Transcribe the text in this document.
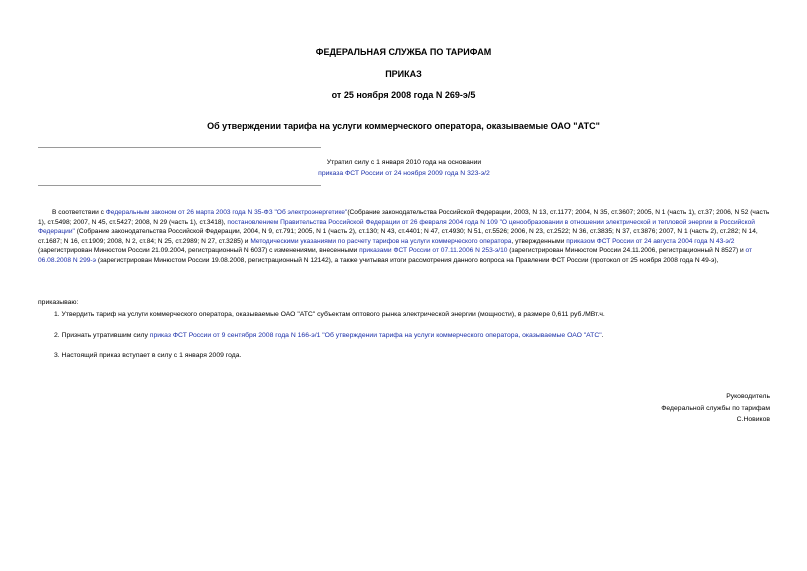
ФЕДЕРАЛЬНАЯ СЛУЖБА ПО ТАРИФАМ
ПРИКАЗ
от 25 ноября 2008 года N 269-э/5
Об утверждении тарифа на услуги коммерческого оператора, оказываемые ОАО "АТС"
Утратил силу с 1 января 2010 года на основании
приказа ФСТ России от 24 ноября 2009 года N 323-э/2
В соответствии с Федеральным законом от 26 марта 2003 года N 35-ФЗ "Об электроэнергетике"(Собрание законодательства Российской Федерации, 2003, N 13, ст.1177; 2004, N 35, ст.3607; 2005, N 1 (часть 1), ст.37; 2006, N 52 (часть 1), ст.5498; 2007, N 45, ст.5427; 2008, N 29 (часть 1), ст.3418), постановлением Правительства Российской Федерации от 26 февраля 2004 года N 109 "О ценообразовании в отношении электрической и тепловой энергии в Российской Федерации" (Собрание законодательства Российской Федерации, 2004, N 9, ст.791; 2005, N 1 (часть 2), ст.130; N 43, ст.4401; N 47, ст.4930; N 51, ст.5526; 2006, N 23, ст.2522; N 36, ст.3835; N 37, ст.3876; 2007, N 1 (часть 2), ст.282; N 14, ст.1687; N 16, ст.1909; 2008, N 2, ст.84; N 25, ст.2989; N 27, ст.3285) и Методическими указаниями по расчету тарифов на услуги коммерческого оператора, утвержденными приказом ФСТ России от 24 августа 2004 года N 43-э/2 (зарегистрирован Минюстом России 21.09.2004, регистрационный N 6037) с изменениями, внесенными приказами ФСТ России от 07.11.2006 N 253-э/10 (зарегистрирован Минюстом России 24.11.2006, регистрационный N 8527) и от 06.08.2008 N 299-э (зарегистрирован Минюстом России 19.08.2008, регистрационный N 12142), а также учитывая итоги рассмотрения данного вопроса на Правлении ФСТ России (протокол от 25 ноября 2008 года N 49-э),
приказываю:
1. Утвердить тариф на услуги коммерческого оператора, оказываемые ОАО "АТС" субъектам оптового рынка электрической энергии (мощности), в размере 0,611 руб./МВт.ч.
2. Признать утратившим силу приказ ФСТ России от 9 сентября 2008 года N 166-э/1 "Об утверждении тарифа на услуги коммерческого оператора, оказываемые ОАО "АТС".
3. Настоящий приказ вступает в силу с 1 января 2009 года.
Руководитель
Федеральной службы по тарифам
С.Новиков
